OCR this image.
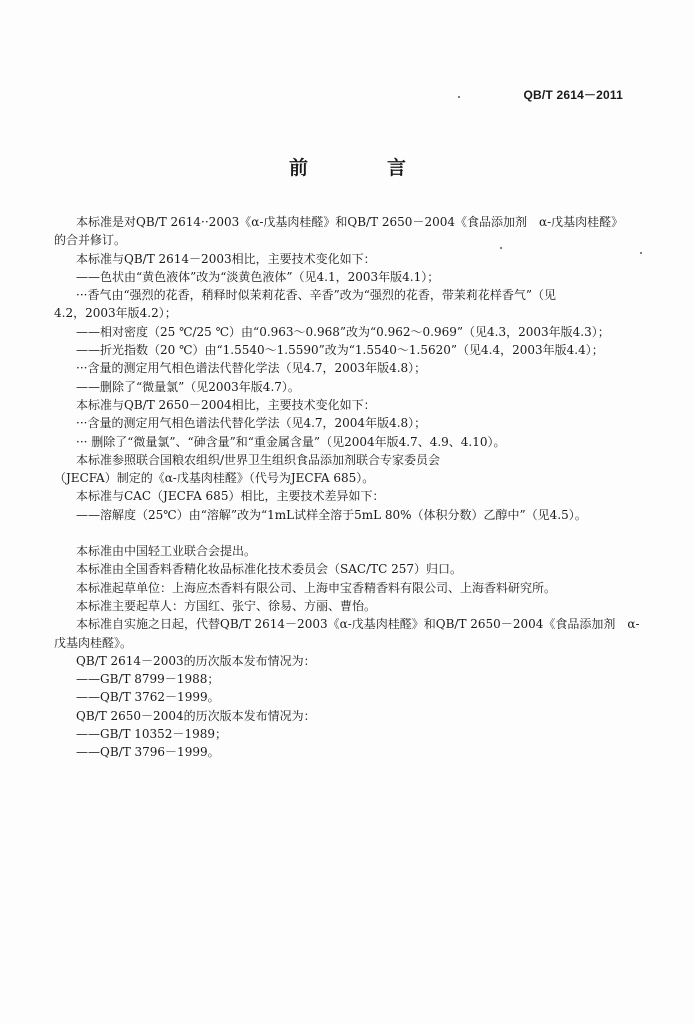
QB/T 2614－2011
前　言

本标准是对QB/T 2614··2003《α-戊基肉桂醛》和QB/T 2650－2004《食品添加剂　α-戊基肉桂醛》

的合并修订。

本标准与QB/T 2614－2003相比，主要技术变化如下：

——色状由“黄色液体”改为“淡黄色液体”（见4.1，2003年版4.1）；

···香气由“强烈的花香，稍释时似茉莉花香、辛香”改为“强烈的花香，带茉莉花样香气”（见

4.2，2003年版4.2）；

——相对密度（25 ℃/25 ℃）由“0.963～0.968”改为“0.962～0.969”（见4.3，2003年版4.3）；

——折光指数（20 ℃）由“1.5540～1.5590”改为“1.5540～1.5620”（见4.4，2003年版4.4）；

···含量的测定用气相色谱法代替化学法（见4.7，2003年版4.8）；

——删除了“微量氯”（见2003年版4.7）。

本标准与QB/T 2650－2004相比，主要技术变化如下：

···含量的测定用气相色谱法代替化学法（见4.7，2004年版4.8）；

··· 删除了“微量氯”、“砷含量”和“重金属含量”（见2004年版4.7、4.9、4.10）。

本标准参照联合国粮农组织/世界卫生组织食品添加剂联合专家委员会

（JECFA）制定的《α-戊基肉桂醛》（代号为JECFA 685）。

本标准与CAC（JECFA 685）相比，主要技术差异如下：

——溶解度（25℃）由“溶解”改为“1mL试样全溶于5mL 80%（体积分数）乙醇中”（见4.5）。

本标准由中国轻工业联合会提出。

本标准由全国香料香精化妆品标准化技术委员会（SAC/TC 257）归口。

本标准起草单位：上海应杰香料有限公司、上海申宝香精香料有限公司、上海香料研究所。

本标准主要起草人：方国红、张宁、徐易、方丽、曹怡。

本标准自实施之日起，代替QB/T 2614－2003《α-戊基肉桂醛》和QB/T 2650－2004《食品添加剂　α-

戊基肉桂醛》。

QB/T 2614－2003的历次版本发布情况为：

——GB/T 8799－1988；

——QB/T 3762－1999。

QB/T 2650－2004的历次版本发布情况为：

——GB/T 10352－1989；

——QB/T 3796－1999。
